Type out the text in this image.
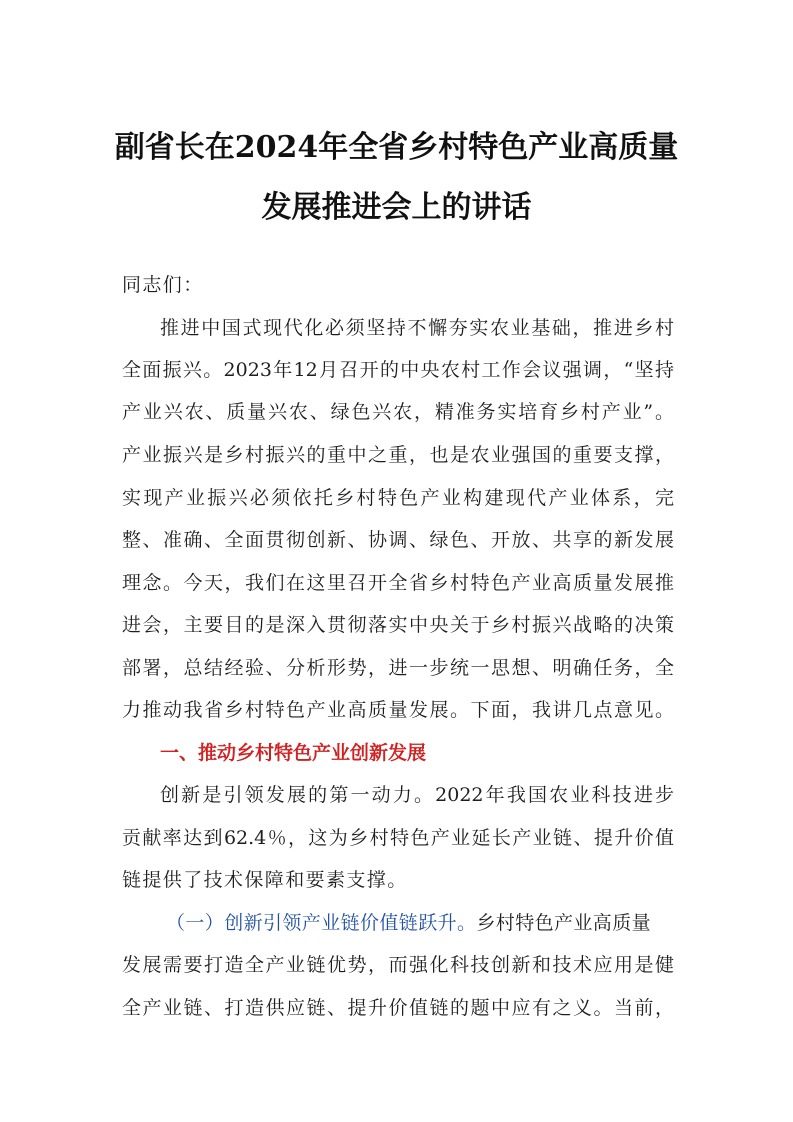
副省长在2024年全省乡村特色产业高质量
发展推进会上的讲话
同志们：
推进中国式现代化必须坚持不懈夯实农业基础，推进乡村
全面振兴。2023年12月召开的中央农村工作会议强调，“坚持
产业兴农、质量兴农、绿色兴农，精准务实培育乡村产业”。
产业振兴是乡村振兴的重中之重，也是农业强国的重要支撑，
实现产业振兴必须依托乡村特色产业构建现代产业体系，完
整、准确、全面贯彻创新、协调、绿色、开放、共享的新发展
理念。今天，我们在这里召开全省乡村特色产业高质量发展推
进会，主要目的是深入贯彻落实中央关于乡村振兴战略的决策
部署，总结经验、分析形势，进一步统一思想、明确任务，全
力推动我省乡村特色产业高质量发展。下面，我讲几点意见。
一、推动乡村特色产业创新发展
创新是引领发展的第一动力。2022年我国农业科技进步
贡献率达到62.4％，这为乡村特色产业延长产业链、提升价值
链提供了技术保障和要素支撑。
（一）创新引领产业链价值链跃升。乡村特色产业高质量
发展需要打造全产业链优势，而强化科技创新和技术应用是健
全产业链、打造供应链、提升价值链的题中应有之义。当前，
